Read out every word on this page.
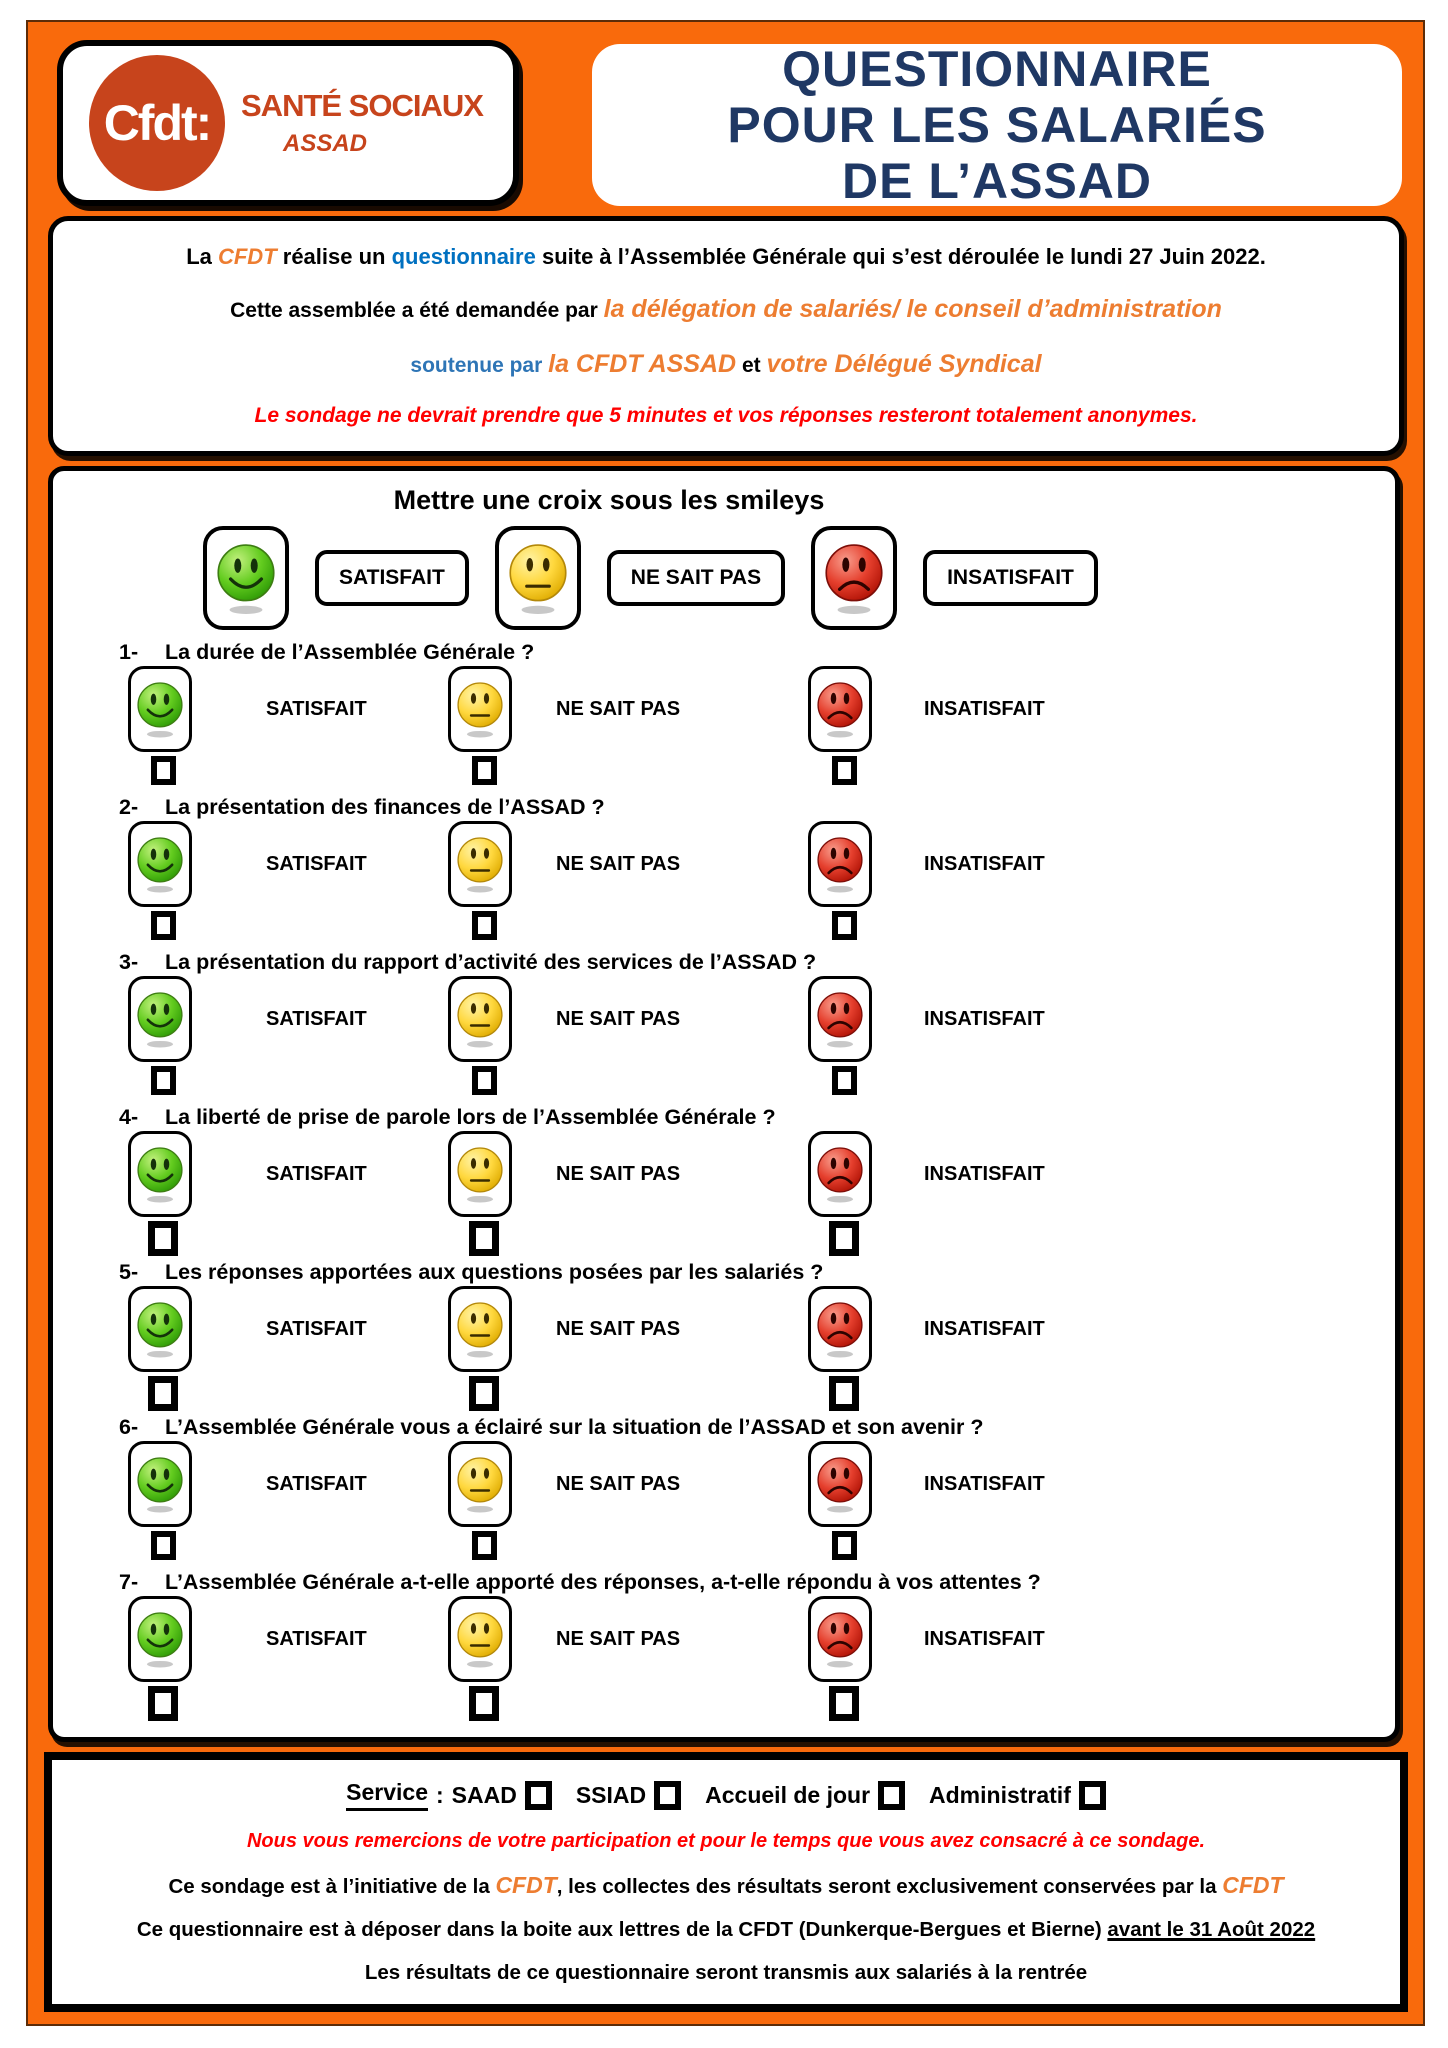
Cfdt: SANTÉ SOCIAUX
ASSAD
QUESTIONNAIRE
POUR LES SALARIÉS
DE L’ASSAD

La CFDT réalise un questionnaire suite à l’Assemblée Générale qui s’est déroulée le lundi 27 Juin 2022.

Cette assemblée a été demandée par la délégation de salariés/ le conseil d’administration

soutenue par la CFDT ASSAD et votre Délégué Syndical

Le sondage ne devrait prendre que 5 minutes et vos réponses resteront totalement anonymes.

Mettre une croix sous les smileys
SATISFAIT	NE SAIT PAS	INSATISFAIT
1- La durée de l’Assemblée Générale ?
SATISFAIT	NE SAIT PAS	INSATISFAIT
2- La présentation des finances de l’ASSAD ?
SATISFAIT	NE SAIT PAS	INSATISFAIT
3- La présentation du rapport d’activité des services de l’ASSAD ?
SATISFAIT	NE SAIT PAS	INSATISFAIT
4- La liberté de prise de parole lors de l’Assemblée Générale ?
SATISFAIT	NE SAIT PAS	INSATISFAIT
5- Les réponses apportées aux questions posées par les salariés ?
SATISFAIT	NE SAIT PAS	INSATISFAIT
6- L’Assemblée Générale vous a éclairé sur la situation de l’ASSAD et son avenir ?
SATISFAIT	NE SAIT PAS	INSATISFAIT
7- L’Assemblée Générale a-t-elle apporté des réponses, a-t-elle répondu à vos attentes ?
SATISFAIT	NE SAIT PAS	INSATISFAIT
Service : SAAD	SSIAD	Accueil de jour	Administratif

Nous vous remercions de votre participation et pour le temps que vous avez consacré à ce sondage.

Ce sondage est à l’initiative de la CFDT, les collectes des résultats seront exclusivement conservées par la CFDT

Ce questionnaire est à déposer dans la boite aux lettres de la CFDT (Dunkerque-Bergues et Bierne) avant le 31 Août 2022

Les résultats de ce questionnaire seront transmis aux salariés à la rentrée
